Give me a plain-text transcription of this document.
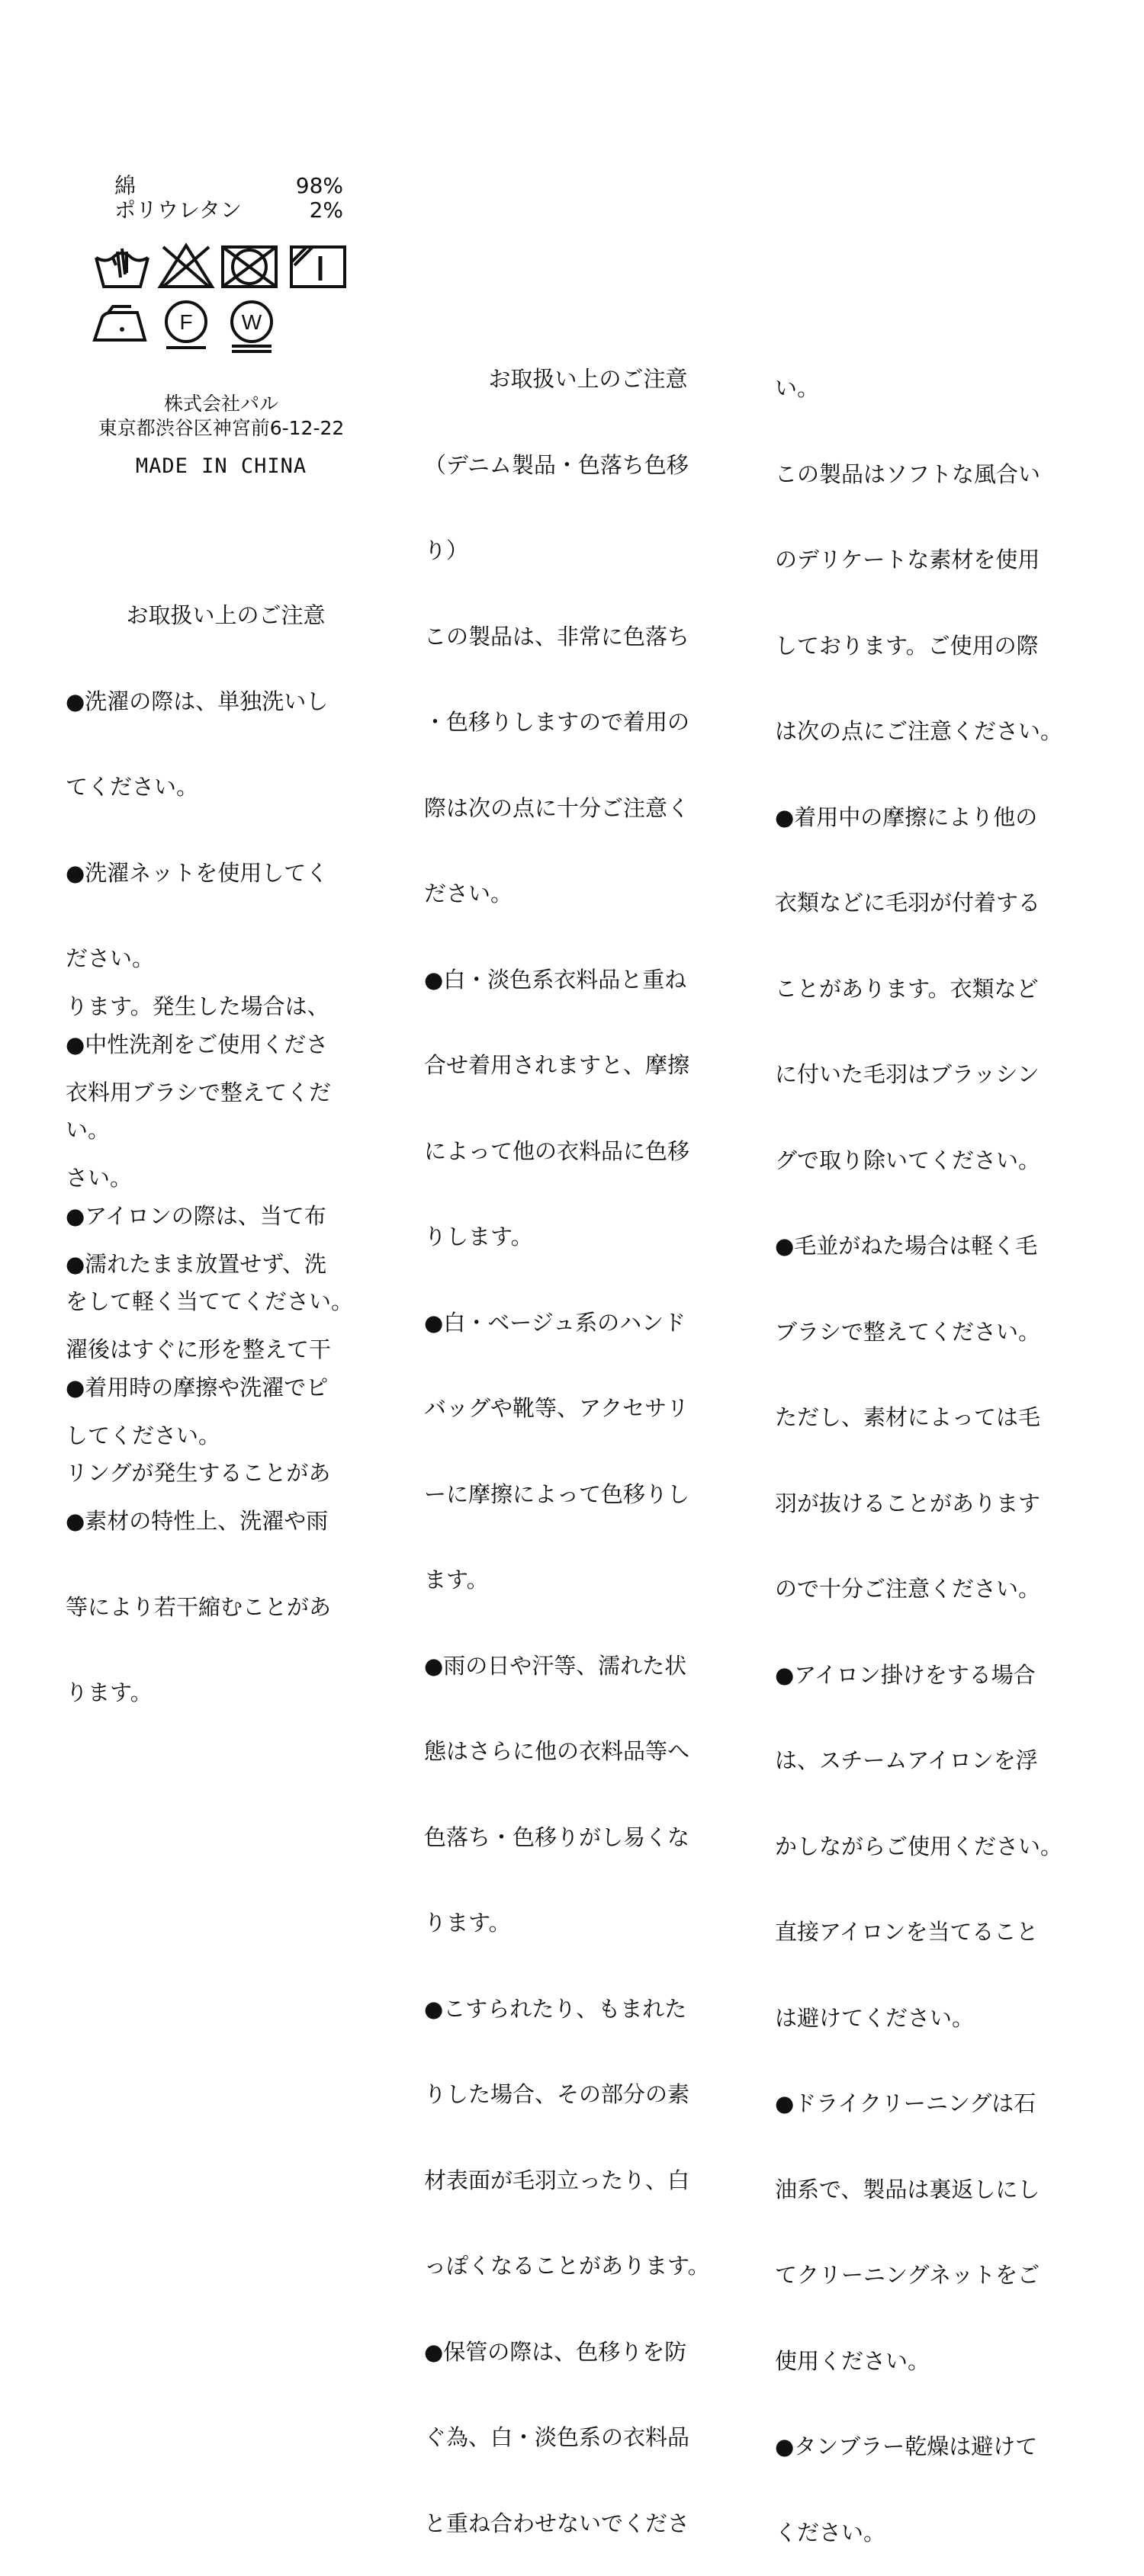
綿	98%
ポリウレタン	2%
F W
株式会社パル
東京都渋谷区神宮前6-12-22
MADE IN CHINA

お取扱い上のご注意

●洗濯の際は、単独洗いし

てください。

●洗濯ネットを使用してく

ださい。

●中性洗剤をご使用くださ

い。

●アイロンの際は、当て布

をして軽く当ててください。

●着用時の摩擦や洗濯でピ

リングが発生することがあ

ります。発生した場合は、

衣料用ブラシで整えてくだ

さい。

●濡れたまま放置せず、洗

濯後はすぐに形を整えて干

してください。

●素材の特性上、洗濯や雨

等により若干縮むことがあ

ります。

お取扱い上のご注意

（デニム製品・色落ち色移

り）

この製品は、非常に色落ち

・色移りしますので着用の

際は次の点に十分ご注意く

ださい。

●白・淡色系衣料品と重ね

合せ着用されますと、摩擦

によって他の衣料品に色移

りします。

●白・ベージュ系のハンド

バッグや靴等、アクセサリ

ーに摩擦によって色移りし

ます。

●雨の日や汗等、濡れた状

態はさらに他の衣料品等へ

色落ち・色移りがし易くな

ります。

●こすられたり、もまれた

りした場合、その部分の素

材表面が毛羽立ったり、白

っぽくなることがあります。

●保管の際は、色移りを防

ぐ為、白・淡色系の衣料品

と重ね合わせないでくださ

い。

この製品はソフトな風合い

のデリケートな素材を使用

しております。ご使用の際

は次の点にご注意ください。

●着用中の摩擦により他の

衣類などに毛羽が付着する

ことがあります。衣類など

に付いた毛羽はブラッシン

グで取り除いてください。

●毛並がねた場合は軽く毛

ブラシで整えてください。

ただし、素材によっては毛

羽が抜けることがあります

ので十分ご注意ください。

●アイロン掛けをする場合

は、スチームアイロンを浮

かしながらご使用ください。

直接アイロンを当てること

は避けてください。

●ドライクリーニングは石

油系で、製品は裏返しにし

てクリーニングネットをご

使用ください。

●タンブラー乾燥は避けて

ください。
